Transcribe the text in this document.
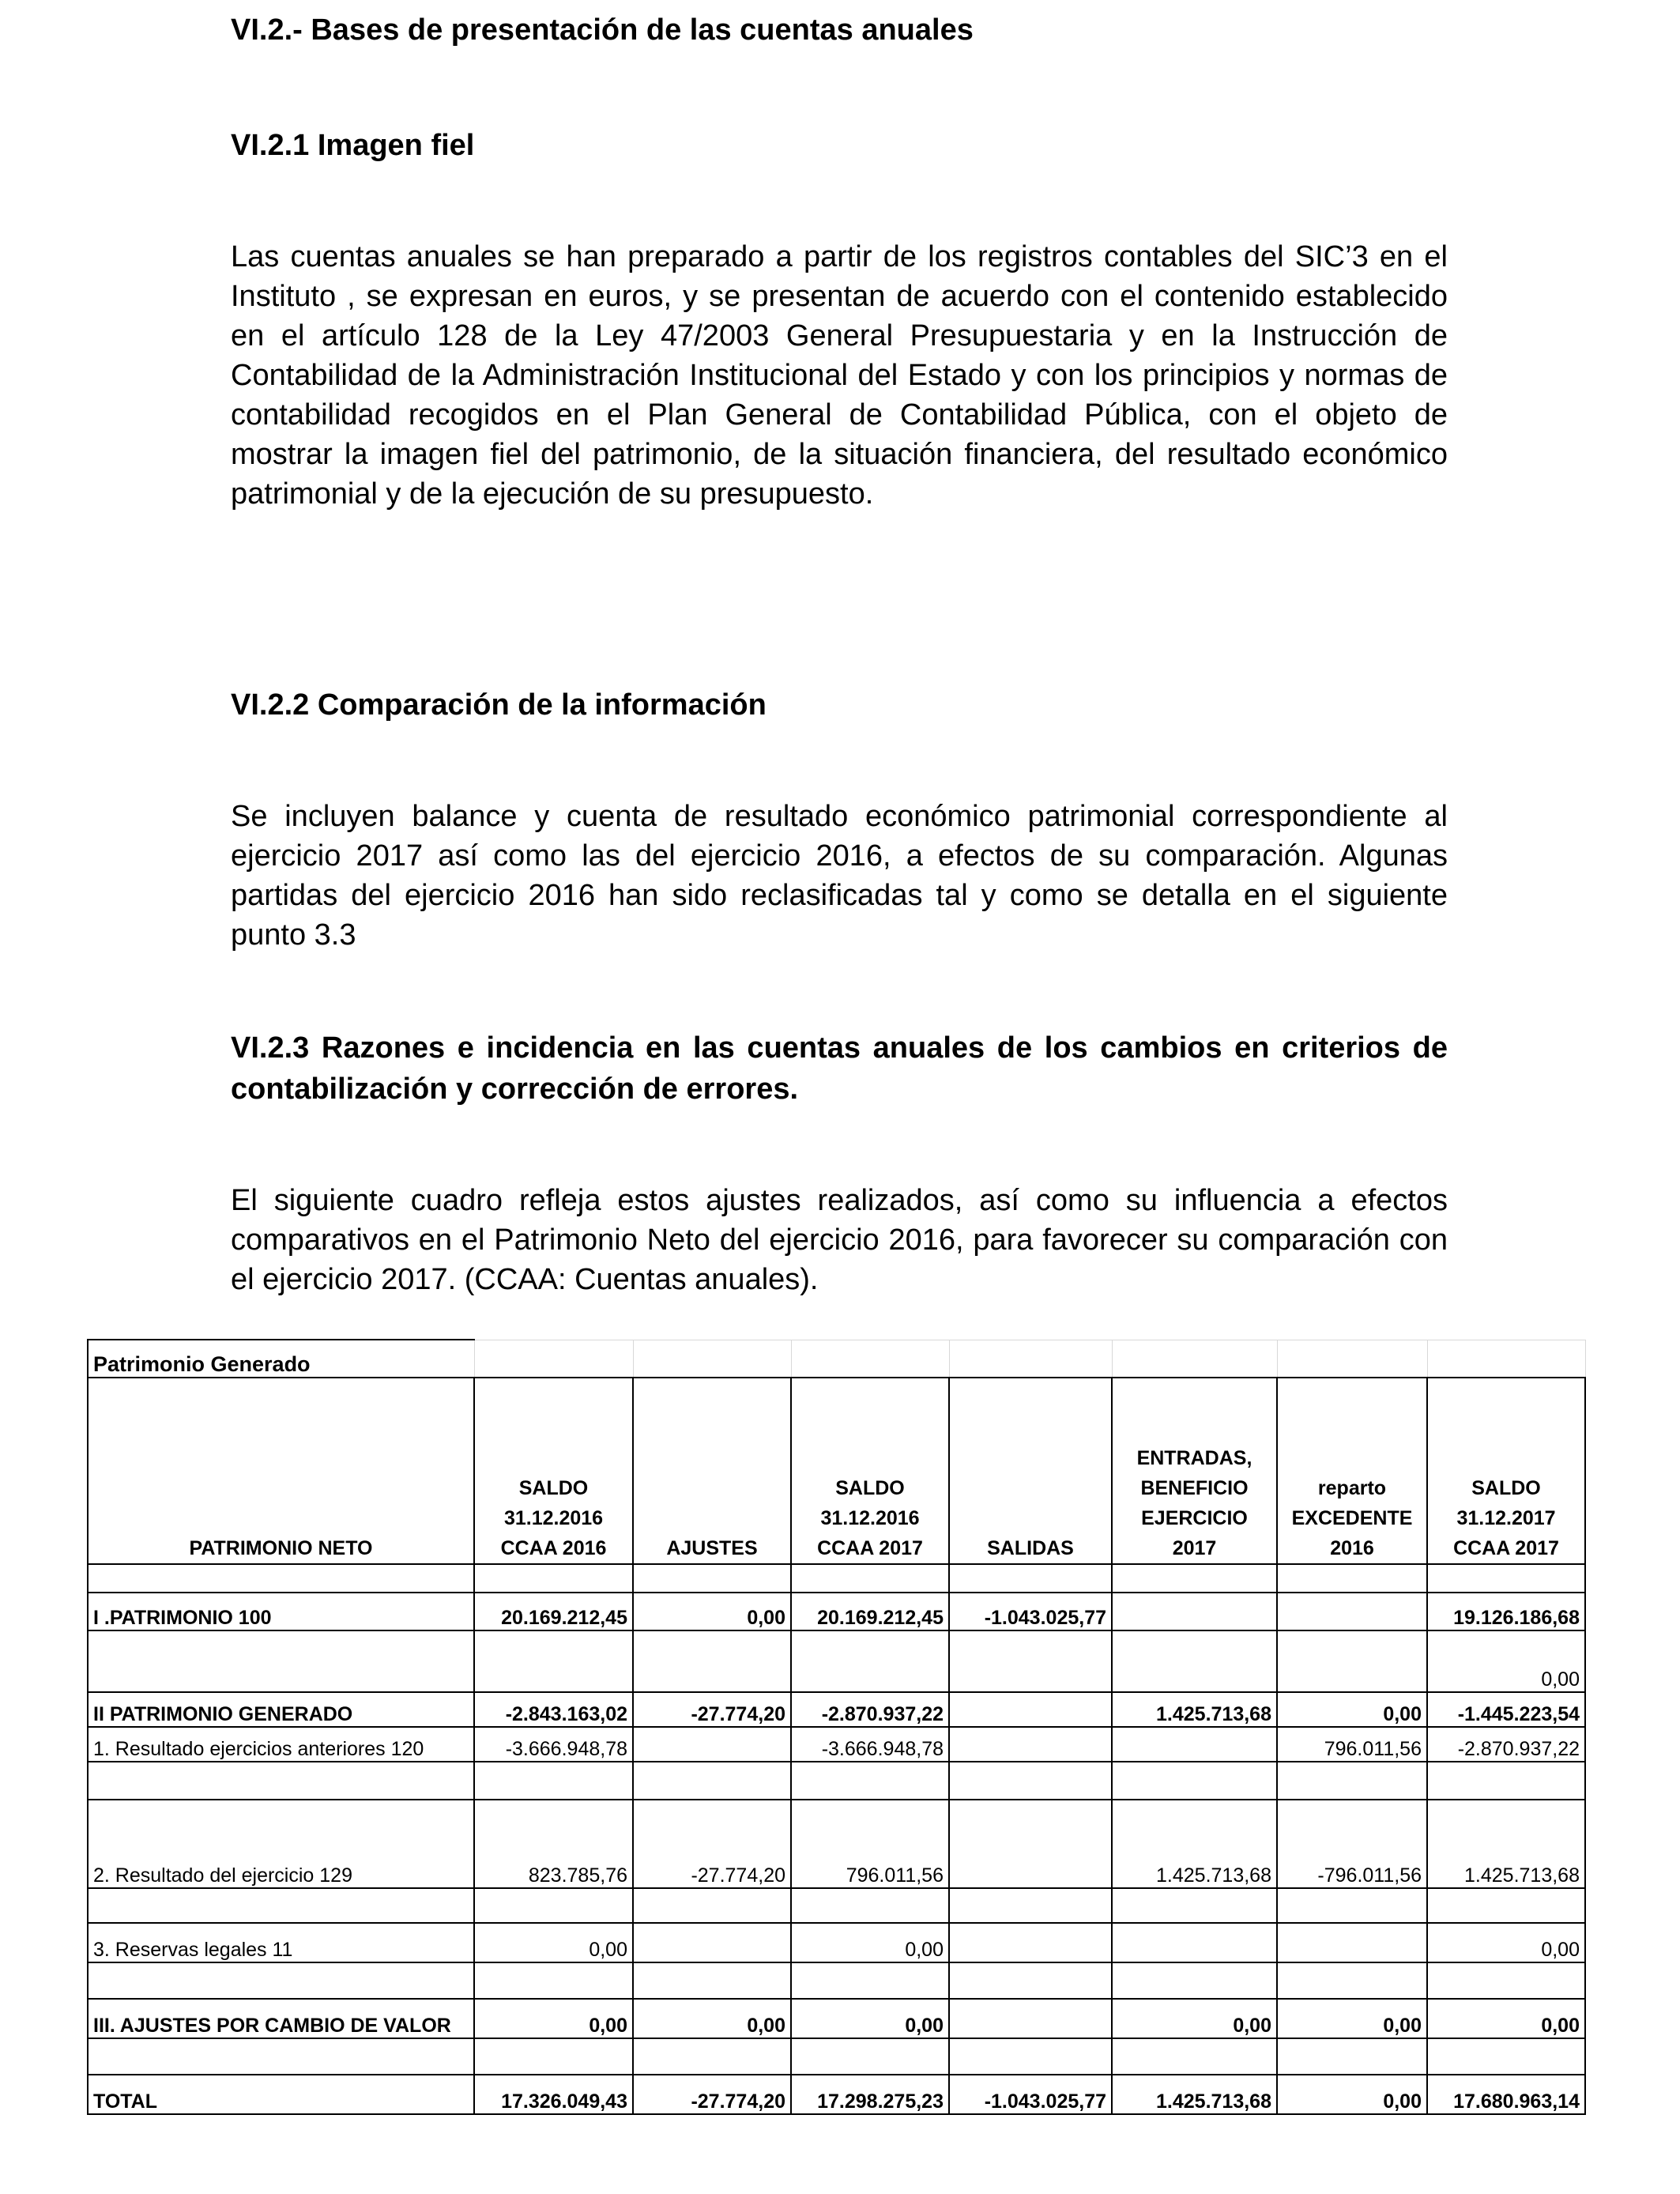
VI.2.- Bases de presentación de las cuentas anuales
VI.2.1 Imagen fiel

Las cuentas anuales se han preparado a partir de los registros contables del SIC’3 en el Instituto , se expresan en euros, y se presentan de acuerdo con el contenido establecido en el artículo 128 de la Ley 47/2003 General Presupuestaria y en la Instrucción de Contabilidad de la Administración Institucional del Estado y con los principios y normas de contabilidad recogidos en el Plan General de Contabilidad Pública, con el objeto de mostrar la imagen fiel del patrimonio, de la situación financiera, del resultado económico patrimonial y de la ejecución de su presupuesto.

VI.2.2 Comparación de la información

Se incluyen balance y cuenta de resultado económico patrimonial correspondiente al ejercicio 2017 así como las del ejercicio 2016, a efectos de su comparación. Algunas partidas del ejercicio 2016 han sido reclasificadas tal y como se detalla en el siguiente punto 3.3

VI.2.3 Razones e incidencia en las cuentas anuales de los cambios en criterios de contabilización y corrección de errores.

El siguiente cuadro refleja estos ajustes realizados, así como su influencia a efectos comparativos en el Patrimonio Neto del ejercicio 2016, para favorecer su comparación con el ejercicio 2017. (CCAA: Cuentas anuales).

Patrimonio Generado							
PATRIMONIO NETO	SALDO 31.12.2016 CCAA 2016	AJUSTES	SALDO 31.12.2016 CCAA 2017	SALIDAS	ENTRADAS, BENEFICIO EJERCICIO 2017	reparto EXCEDENTE 2016	SALDO 31.12.2017 CCAA 2017

I .PATRIMONIO 100	20.169.212,45	0,00	20.169.212,45	-1.043.025,77			19.126.186,68
							0,00
II PATRIMONIO GENERADO	-2.843.163,02	-27.774,20	-2.870.937,22		1.425.713,68	0,00	-1.445.223,54
1. Resultado ejercicios anteriores 120	-3.666.948,78		-3.666.948,78			796.011,56	-2.870.937,22

2. Resultado del ejercicio 129	823.785,76	-27.774,20	796.011,56		1.425.713,68	-796.011,56	1.425.713,68

3. Reservas legales 11	0,00		0,00				0,00

III. AJUSTES POR CAMBIO DE VALOR	0,00	0,00	0,00		0,00	0,00	0,00

TOTAL	17.326.049,43	-27.774,20	17.298.275,23	-1.043.025,77	1.425.713,68	0,00	17.680.963,14
